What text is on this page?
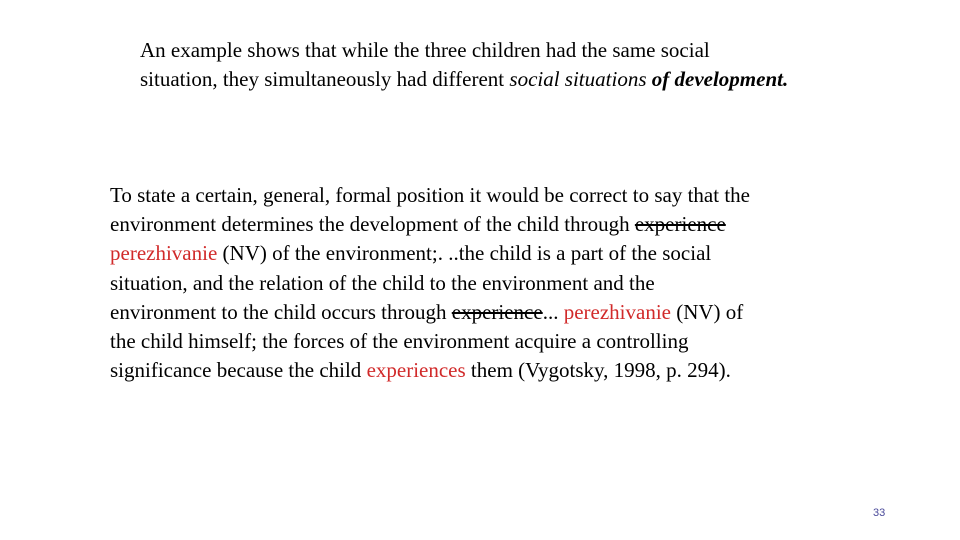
An example shows that while the three children had the same social
situation, they simultaneously had different social situations of development.
To state a certain, general, formal position it would be correct to say that the
environment determines the development of the child through experience
perezhivanie (NV) of the environment;. ..the child is a part of the social
situation, and the relation of the child to the environment and the
environment to the child occurs through experience... perezhivanie (NV) of
the child himself; the forces of the environment acquire a controlling
significance because the child experiences them (Vygotsky, 1998, p. 294).
33
